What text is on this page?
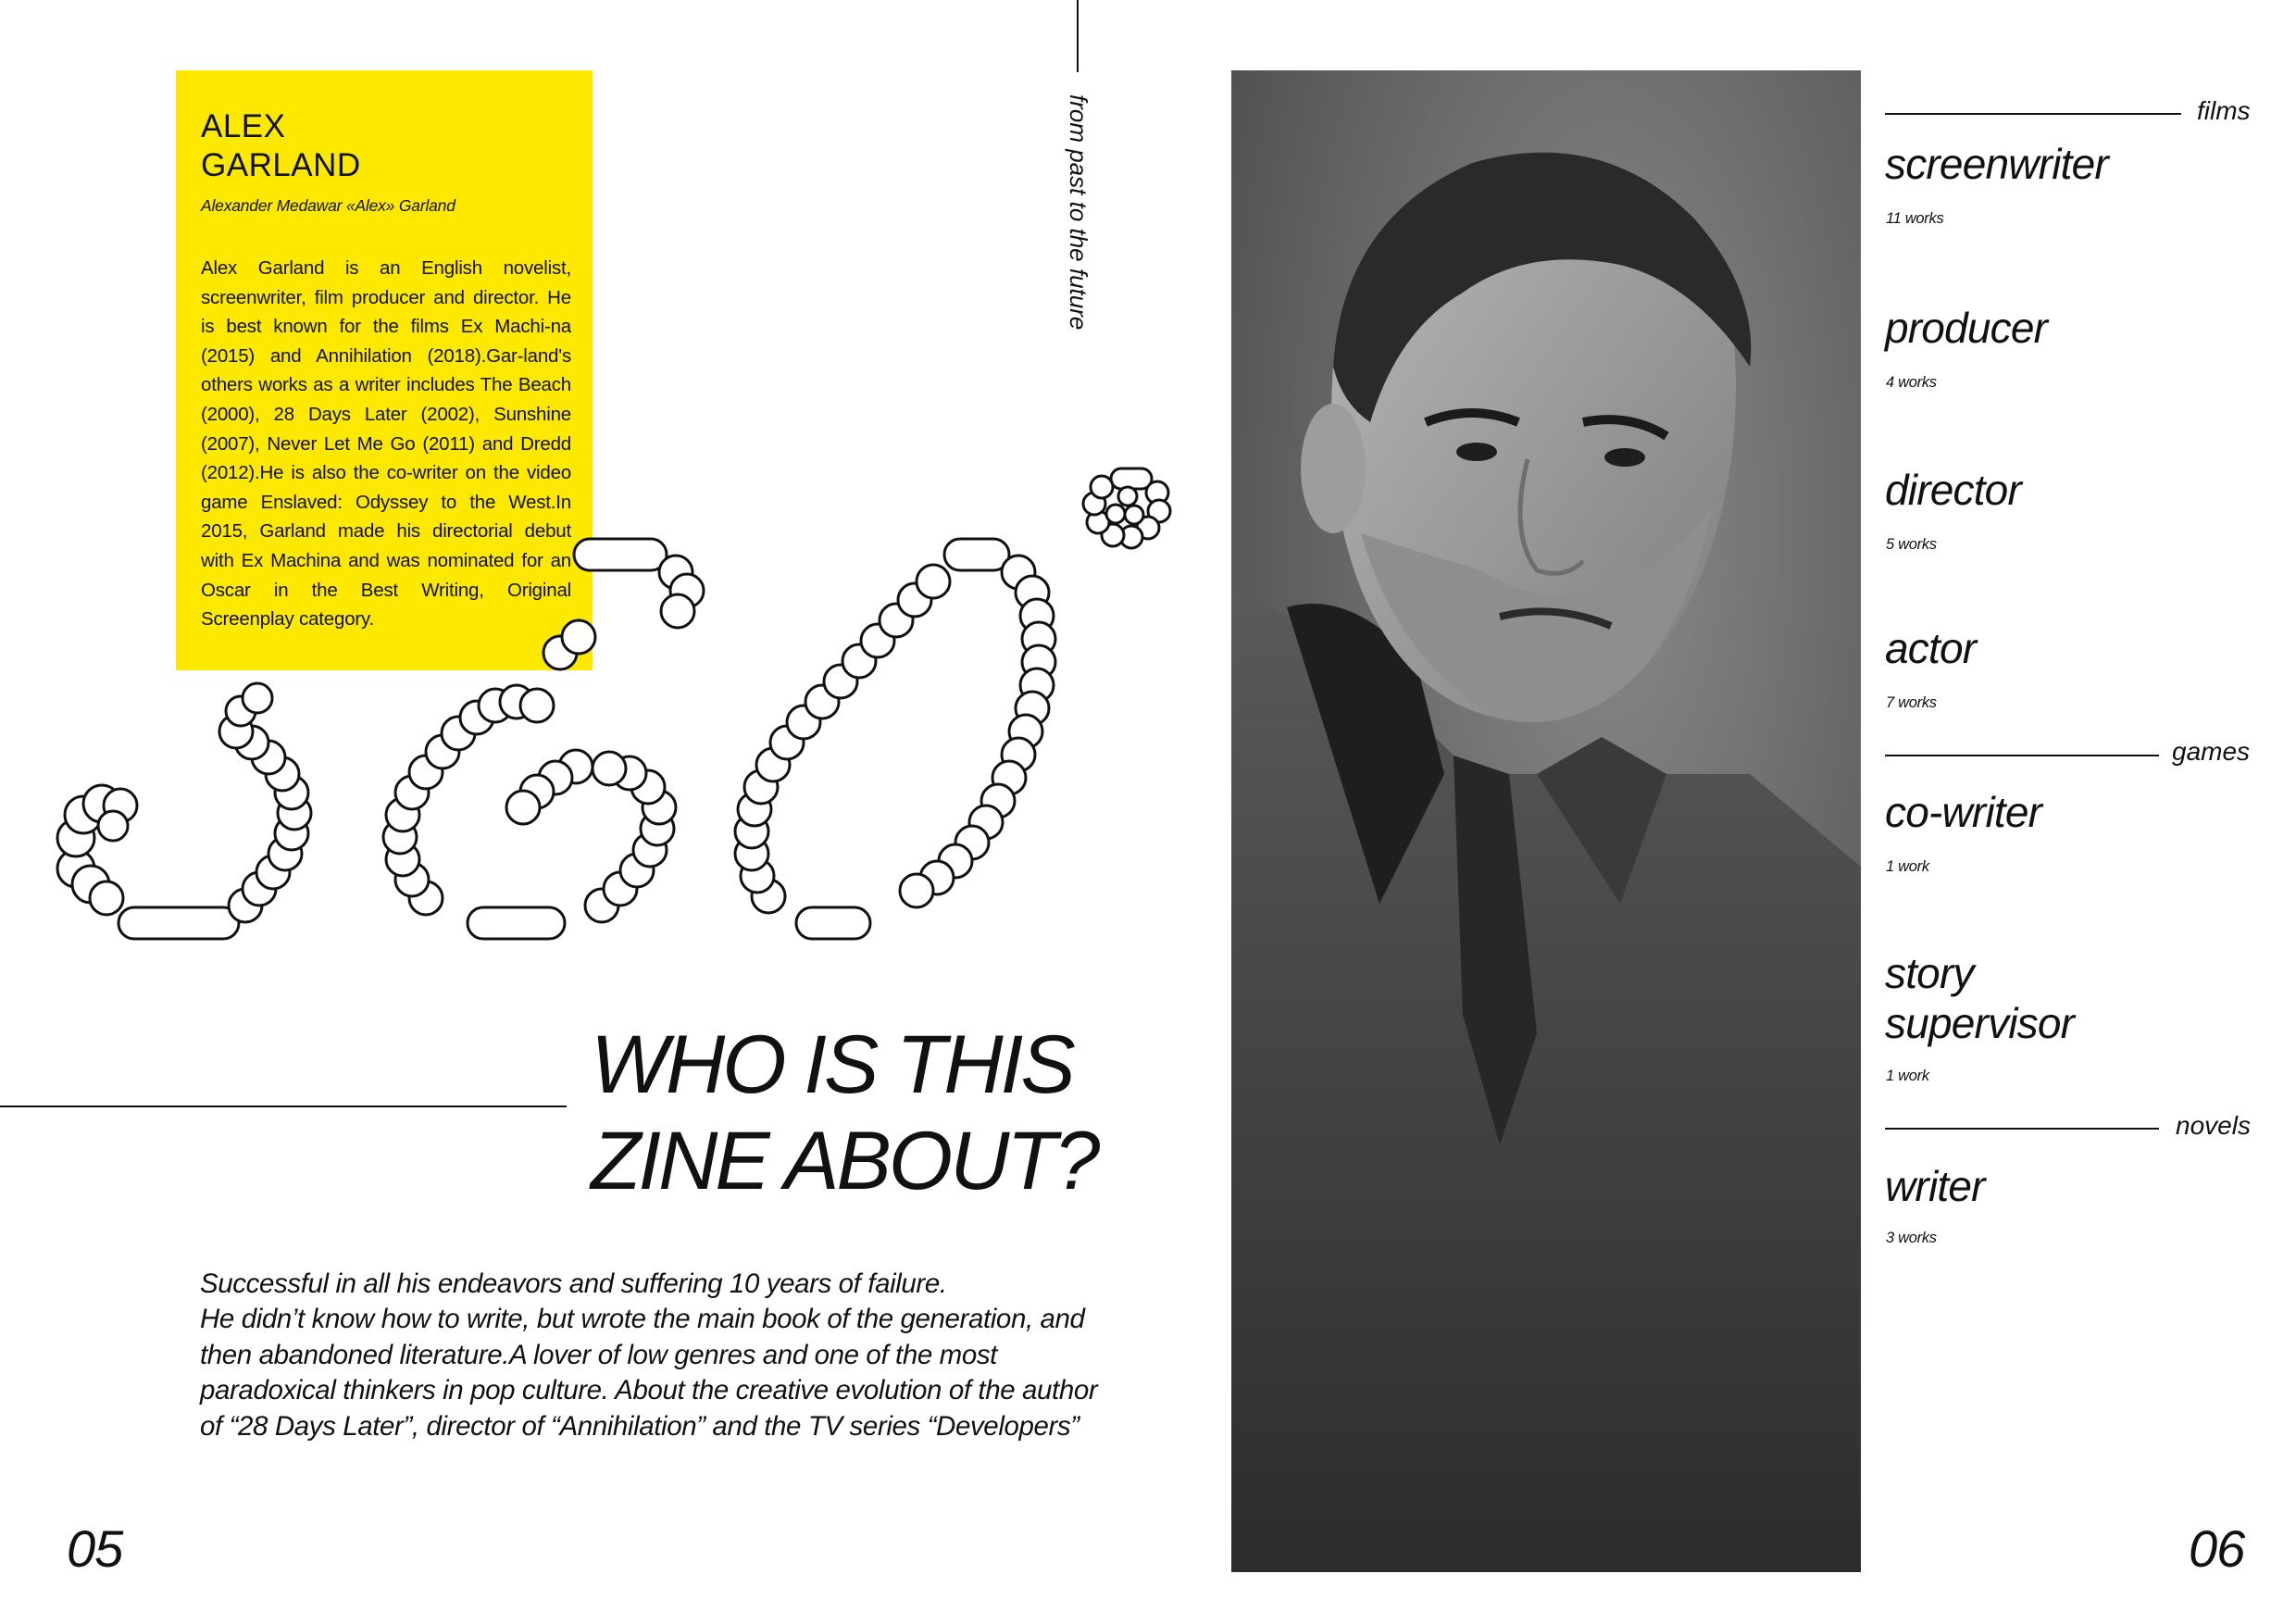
ALEX
GARLAND
Alexander Medawar «Alex» Garland
Alex Garland is an English novelist, screenwriter, film producer and director. He is best known for the films Ex Machi-na (2015) and Annihilation (2018).Gar-land's others works as a writer includes The Beach (2000), 28 Days Later (2002), Sunshine (2007), Never Let Me Go (2011) and Dredd (2012).He is also the co-writer on the video game Enslaved: Odyssey to the West.In 2015, Garland made his directorial debut with Ex Machina and was nominated for an Oscar in the Best Writing, Original Screenplay category.
from past to the future
WHO IS THIS
ZINE ABOUT?

Successful in all his endeavors and suffering 10 years of failure.
He didn’t know how to write, but wrote the main book of the generation, and then abandoned literature.A lover of low genres and one of the most paradoxical thinkers in pop culture. About the creative evolution of the author of “28 Days Later”, director of “Annihilation” and the TV series “Developers”

05
films
screenwriter
11 works
producer
4 works
director
5 works
actor
7 works
games
co-writer
1 work
story
supervisor
1 work
novels
writer
3 works
06
